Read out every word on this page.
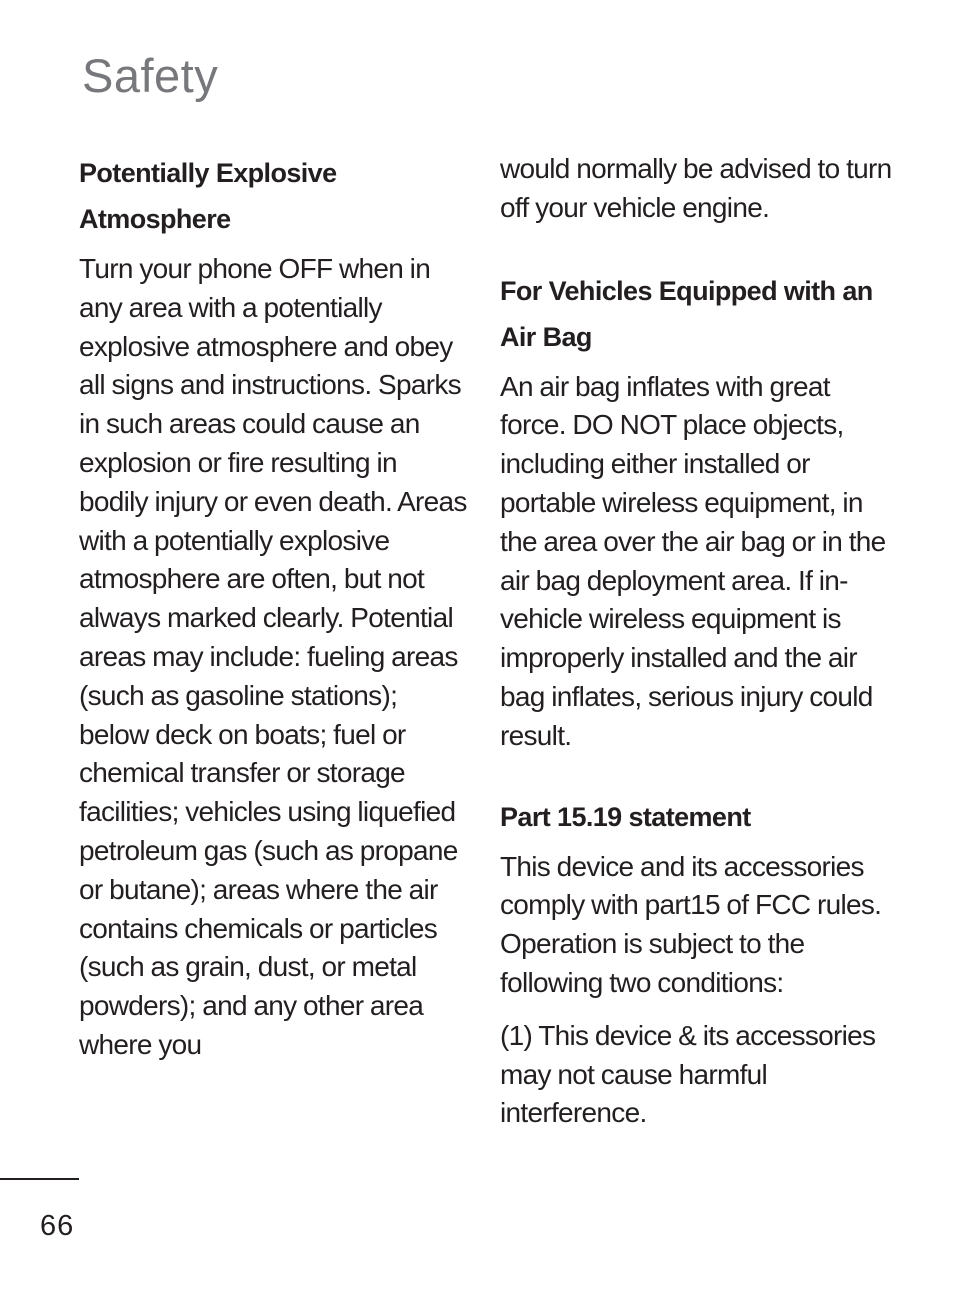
Safety
Potentially Explosive Atmosphere

Turn your phone OFF when in any area with a potentially explosive atmosphere and obey all signs and instructions. Sparks in such areas could cause an explosion or fire resulting in bodily injury or even death. Areas with a potentially explosive atmosphere are often, but not always marked clearly. Potential areas may include: fueling areas (such as gasoline stations); below deck on boats; fuel or chemical transfer or storage facilities; vehicles using liquefied petroleum gas (such as propane or butane); areas where the air contains chemicals or particles (such as grain, dust, or metal powders); and any other area where you

would normally be advised to turn off your vehicle engine.

For Vehicles Equipped with an Air Bag

An air bag inflates with great force. DO NOT place objects, including either installed or portable wireless equipment, in the area over the air bag or in the air bag deployment area. If in-vehicle wireless equipment is improperly installed and the air bag inflates, serious injury could result.

Part 15.19 statement

This device and its accessories comply with part15 of FCC rules. Operation is subject to the following two conditions:

(1) This device & its accessories may not cause harmful interference.

66
